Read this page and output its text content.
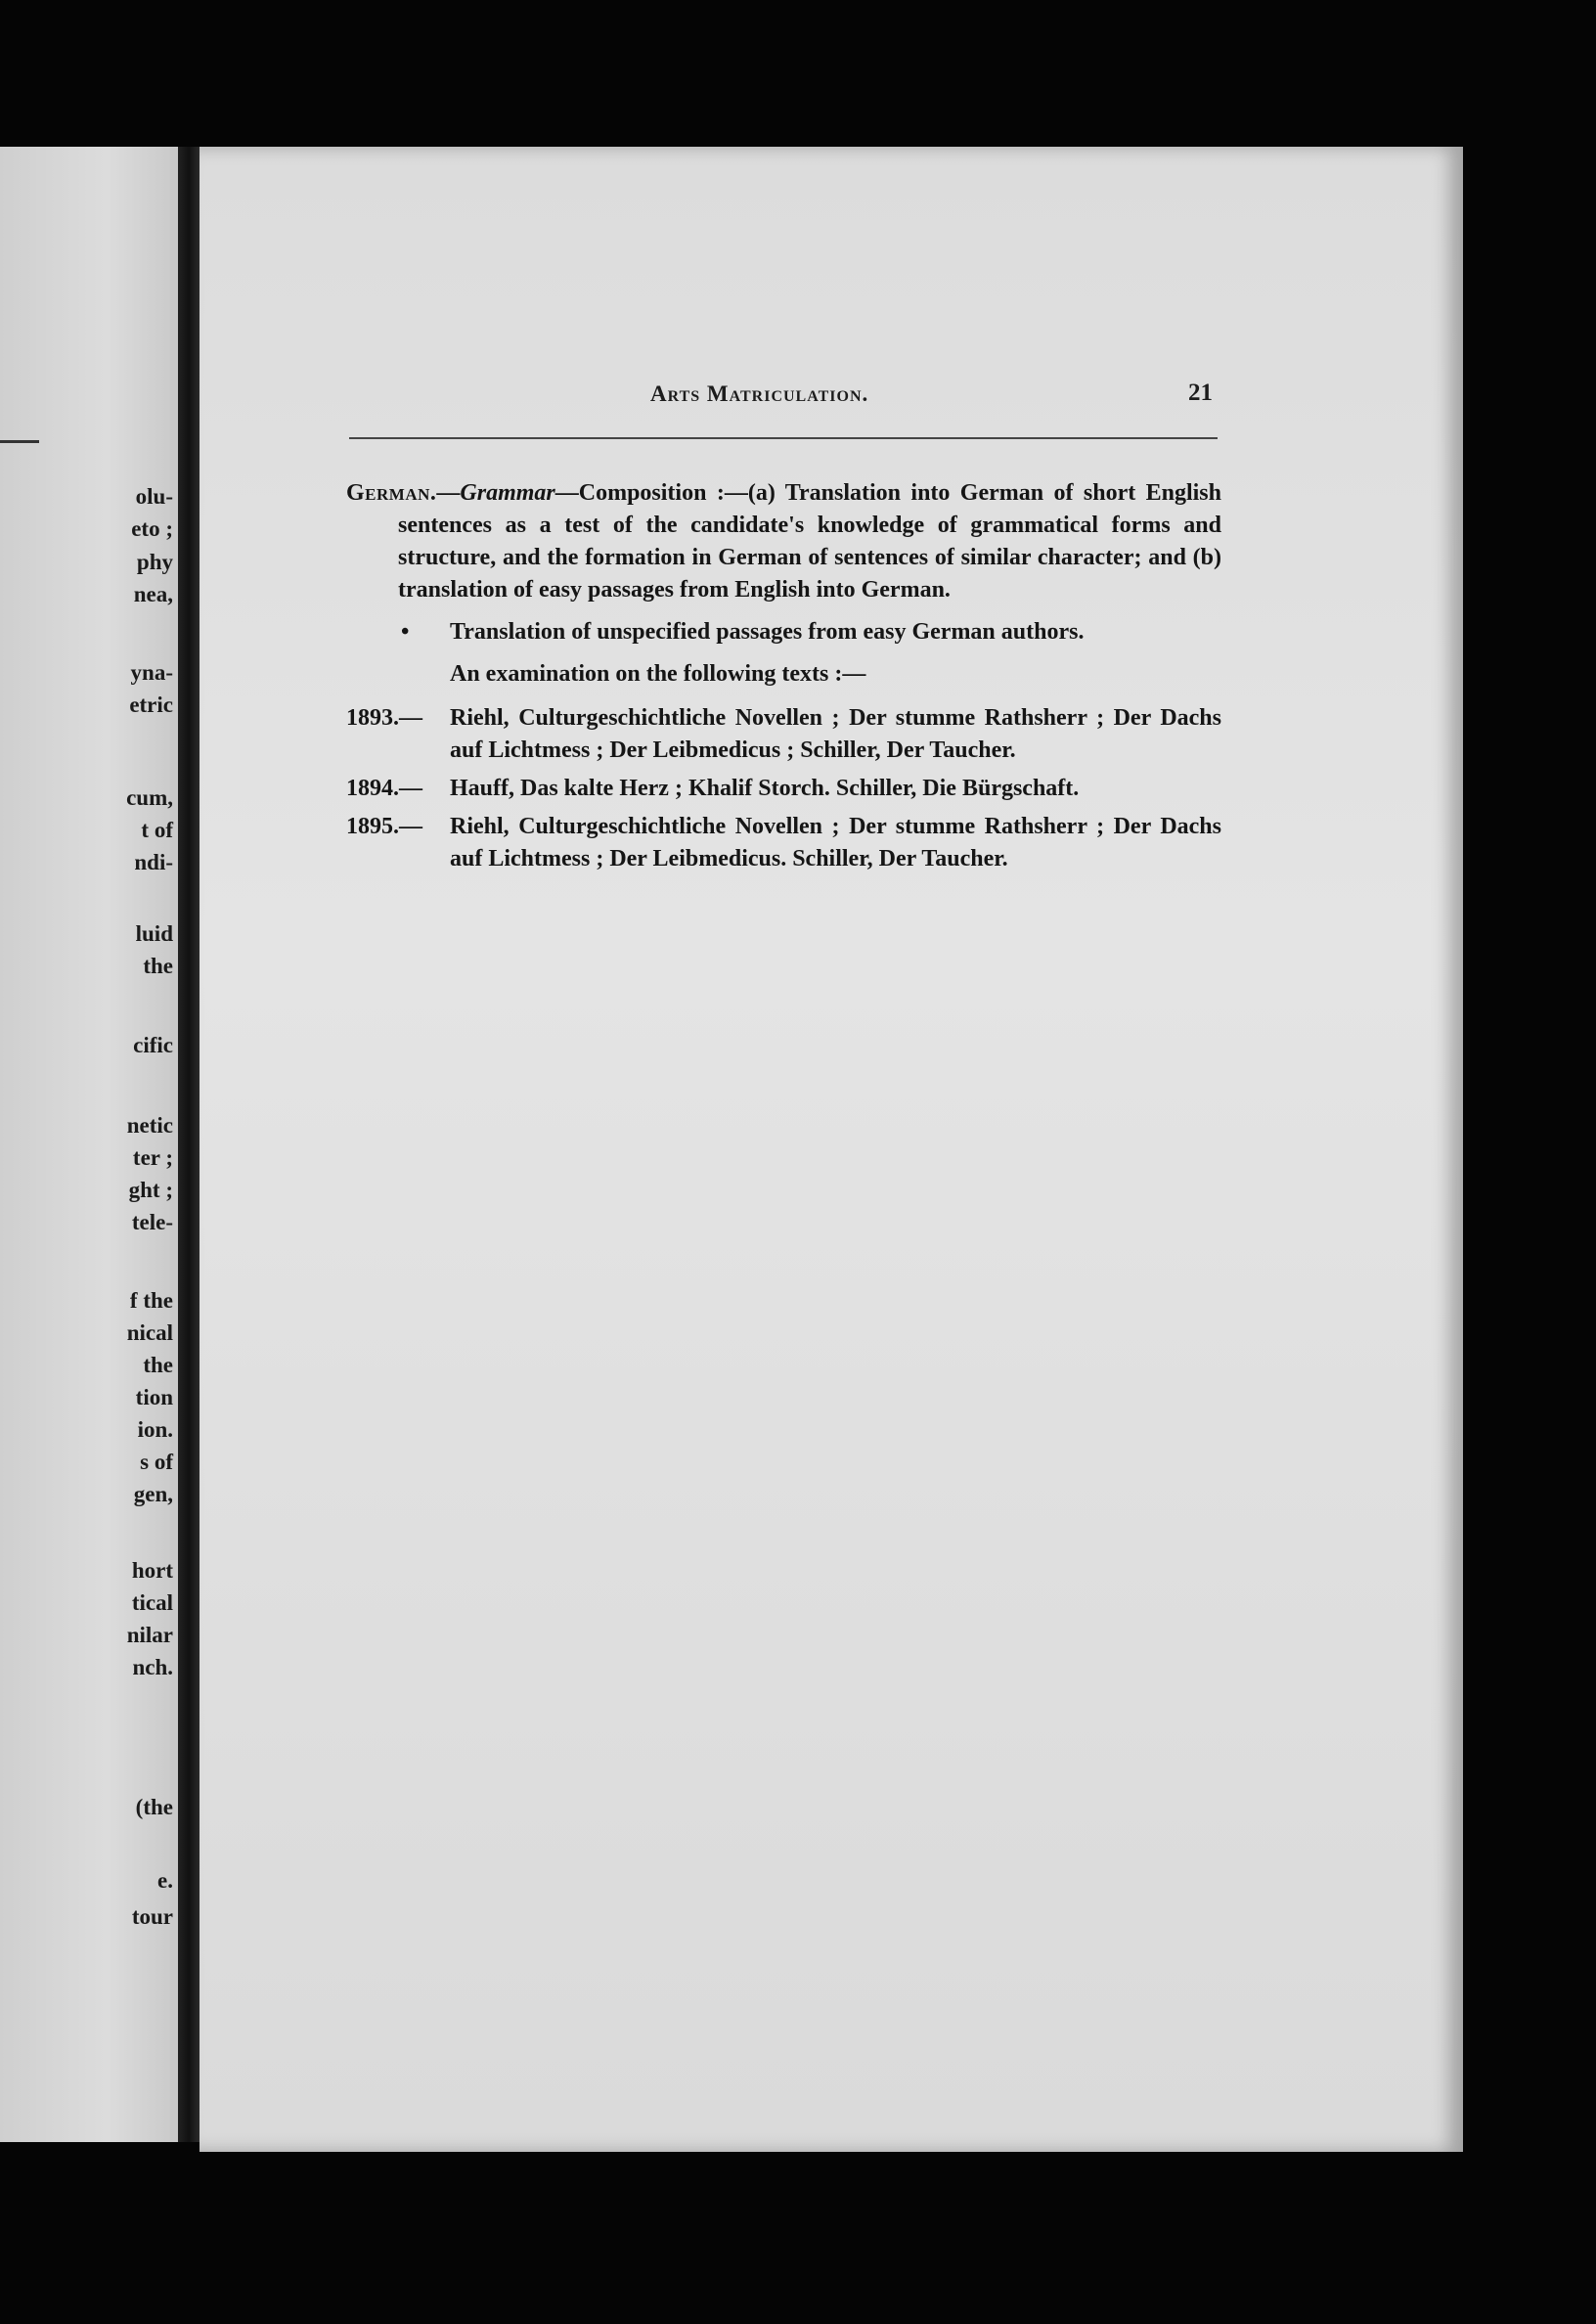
olu-

eto ;

phy

nea,

yna-

etric

cum,

t of

ndi-

luid

the

cific

netic

ter ;

ght ;

tele-

f the

nical

the

tion

ion.

s of

gen,

hort

tical

nilar

nch.

(the

e.

tour

Arts Matriculation.	21

German.—Grammar—Composition :—(a) Translation into German of short English sentences as a test of the candidate's knowledge of grammatical forms and structure, and the formation in German of sentences of similar character; and (b) translation of easy passages from English into German.

• Translation of unspecified passages from easy German authors.

An examination on the following texts :—

1893.— Riehl, Culturgeschichtliche Novellen ; Der stumme Rathsherr ; Der Dachs auf Lichtmess ; Der Leibmedicus ; Schiller, Der Taucher.

1894.— Hauff, Das kalte Herz ; Khalif Storch. Schiller, Die Bürgschaft.

1895.— Riehl, Culturgeschichtliche Novellen ; Der stumme Rathsherr ; Der Dachs auf Lichtmess ; Der Leibmedicus. Schiller, Der Taucher.
